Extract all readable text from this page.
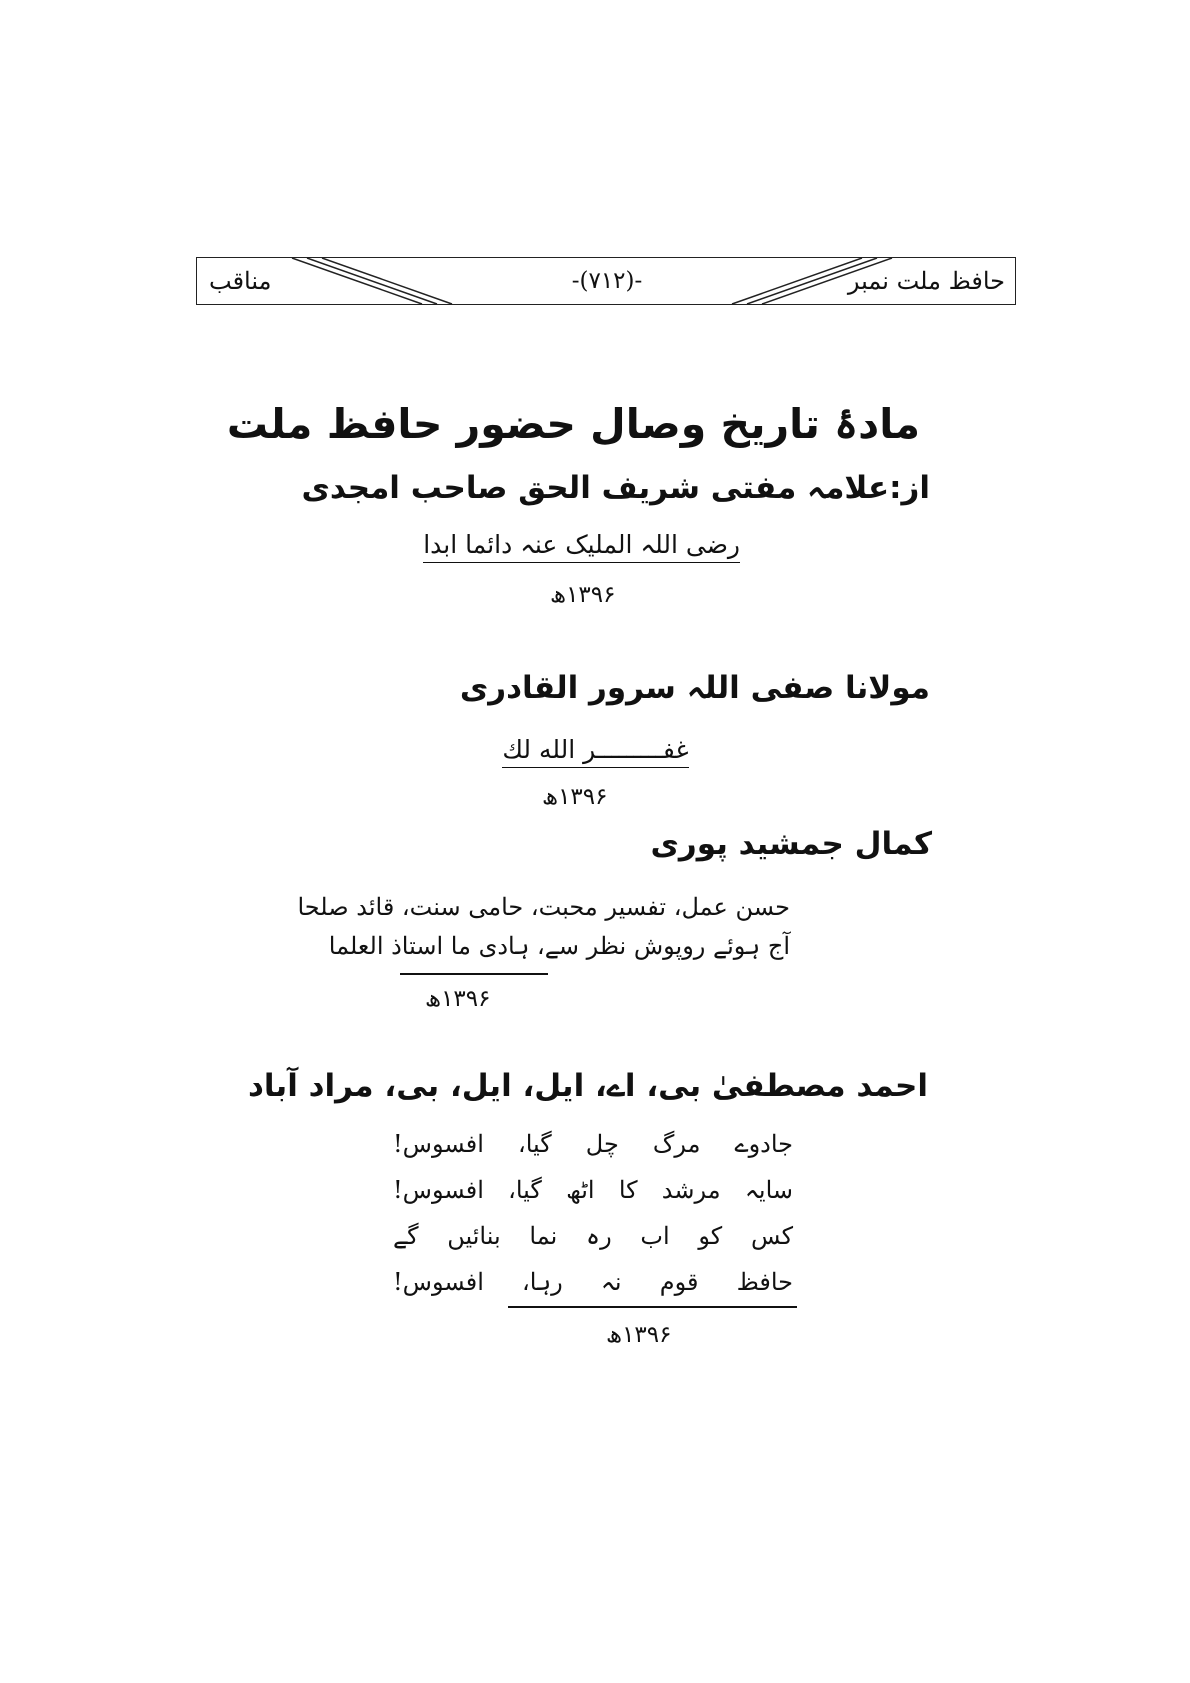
مناقب	-(۷۱۲)-	حافظ ملت نمبر
مادۂ تاریخ وصال حضور حافظ ملت
از:علامہ مفتی شریف الحق صاحب امجدی
رضی اللہ الملیک عنہ دائما ابدا
۱۳۹۶ھ
مولانا صفی اللہ سرور القادری
غفـــــــــر الله لك
۱۳۹۶ھ
کمال جمشید پوری
حسن عمل، تفسیر محبت، حامی سنت، قائد صلحا
آج ہوئے روپوش نظر سے، ہادی ما استاذ العلما
۱۳۹۶ھ
احمد مصطفیٰ بی، اے، ایل، ایل، بی، مراد آباد
جادوے مرگ چل گیا، افسوس!
سایہ مرشد کا اٹھ گیا، افسوس!
کس کو اب رہ نما بنائیں گے
حافظ قوم نہ رہا، افسوس!
۱۳۹۶ھ
